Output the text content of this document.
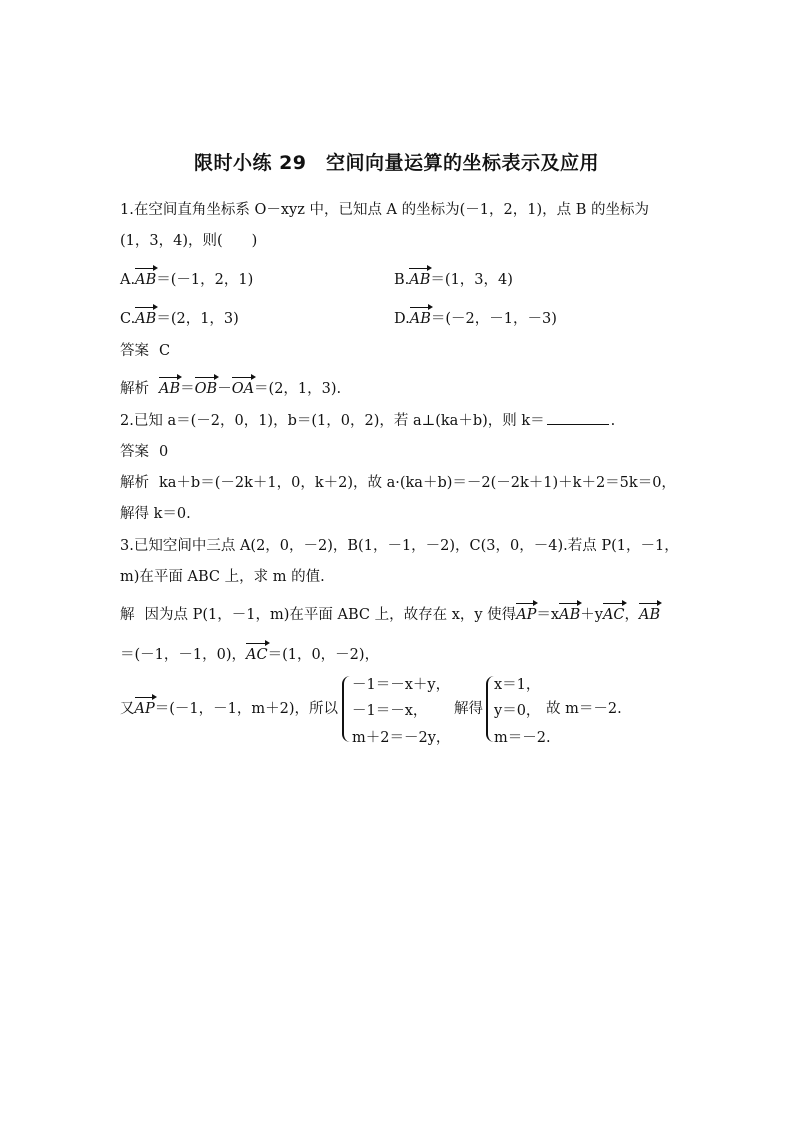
限时小练 29　空间向量运算的坐标表示及应用
1.在空间直角坐标系 O－xyz 中，已知点 A 的坐标为(－1，2，1)，点 B 的坐标为
(1，3，4)，则(　　)
A.AB＝(－1，2，1)	B.AB＝(1，3，4)
C.AB＝(2，1，3)	D.AB＝(－2，－1，－3)
答案 C
解析 AB＝OB－OA＝(2，1，3).
2.已知 a＝(－2，0，1)，b＝(1，0，2)，若 a⊥(ka＋b)，则 k＝	.
答案 0
解析 ka＋b＝(－2k＋1，0，k＋2)，故 a·(ka＋b)＝－2(－2k＋1)＋k＋2＝5k＝0，
解得 k＝0.
3.已知空间中三点 A(2，0，－2)，B(1，－1，－2)，C(3，0，－4).若点 P(1，－1，
m)在平面 ABC 上，求 m 的值.
解 因为点 P(1，－1，m)在平面 ABC 上，故存在 x，y 使得AP＝xAB＋yAC，AB
＝(－1，－1，0)，AC＝(1，0，－2)，
又AP＝(－1，－1，m＋2)，所以
－1＝－x＋y，
－1＝－x，
m＋2＝－2y，
解得
x＝1，
y＝0，
m＝－2.
故 m＝－2.
